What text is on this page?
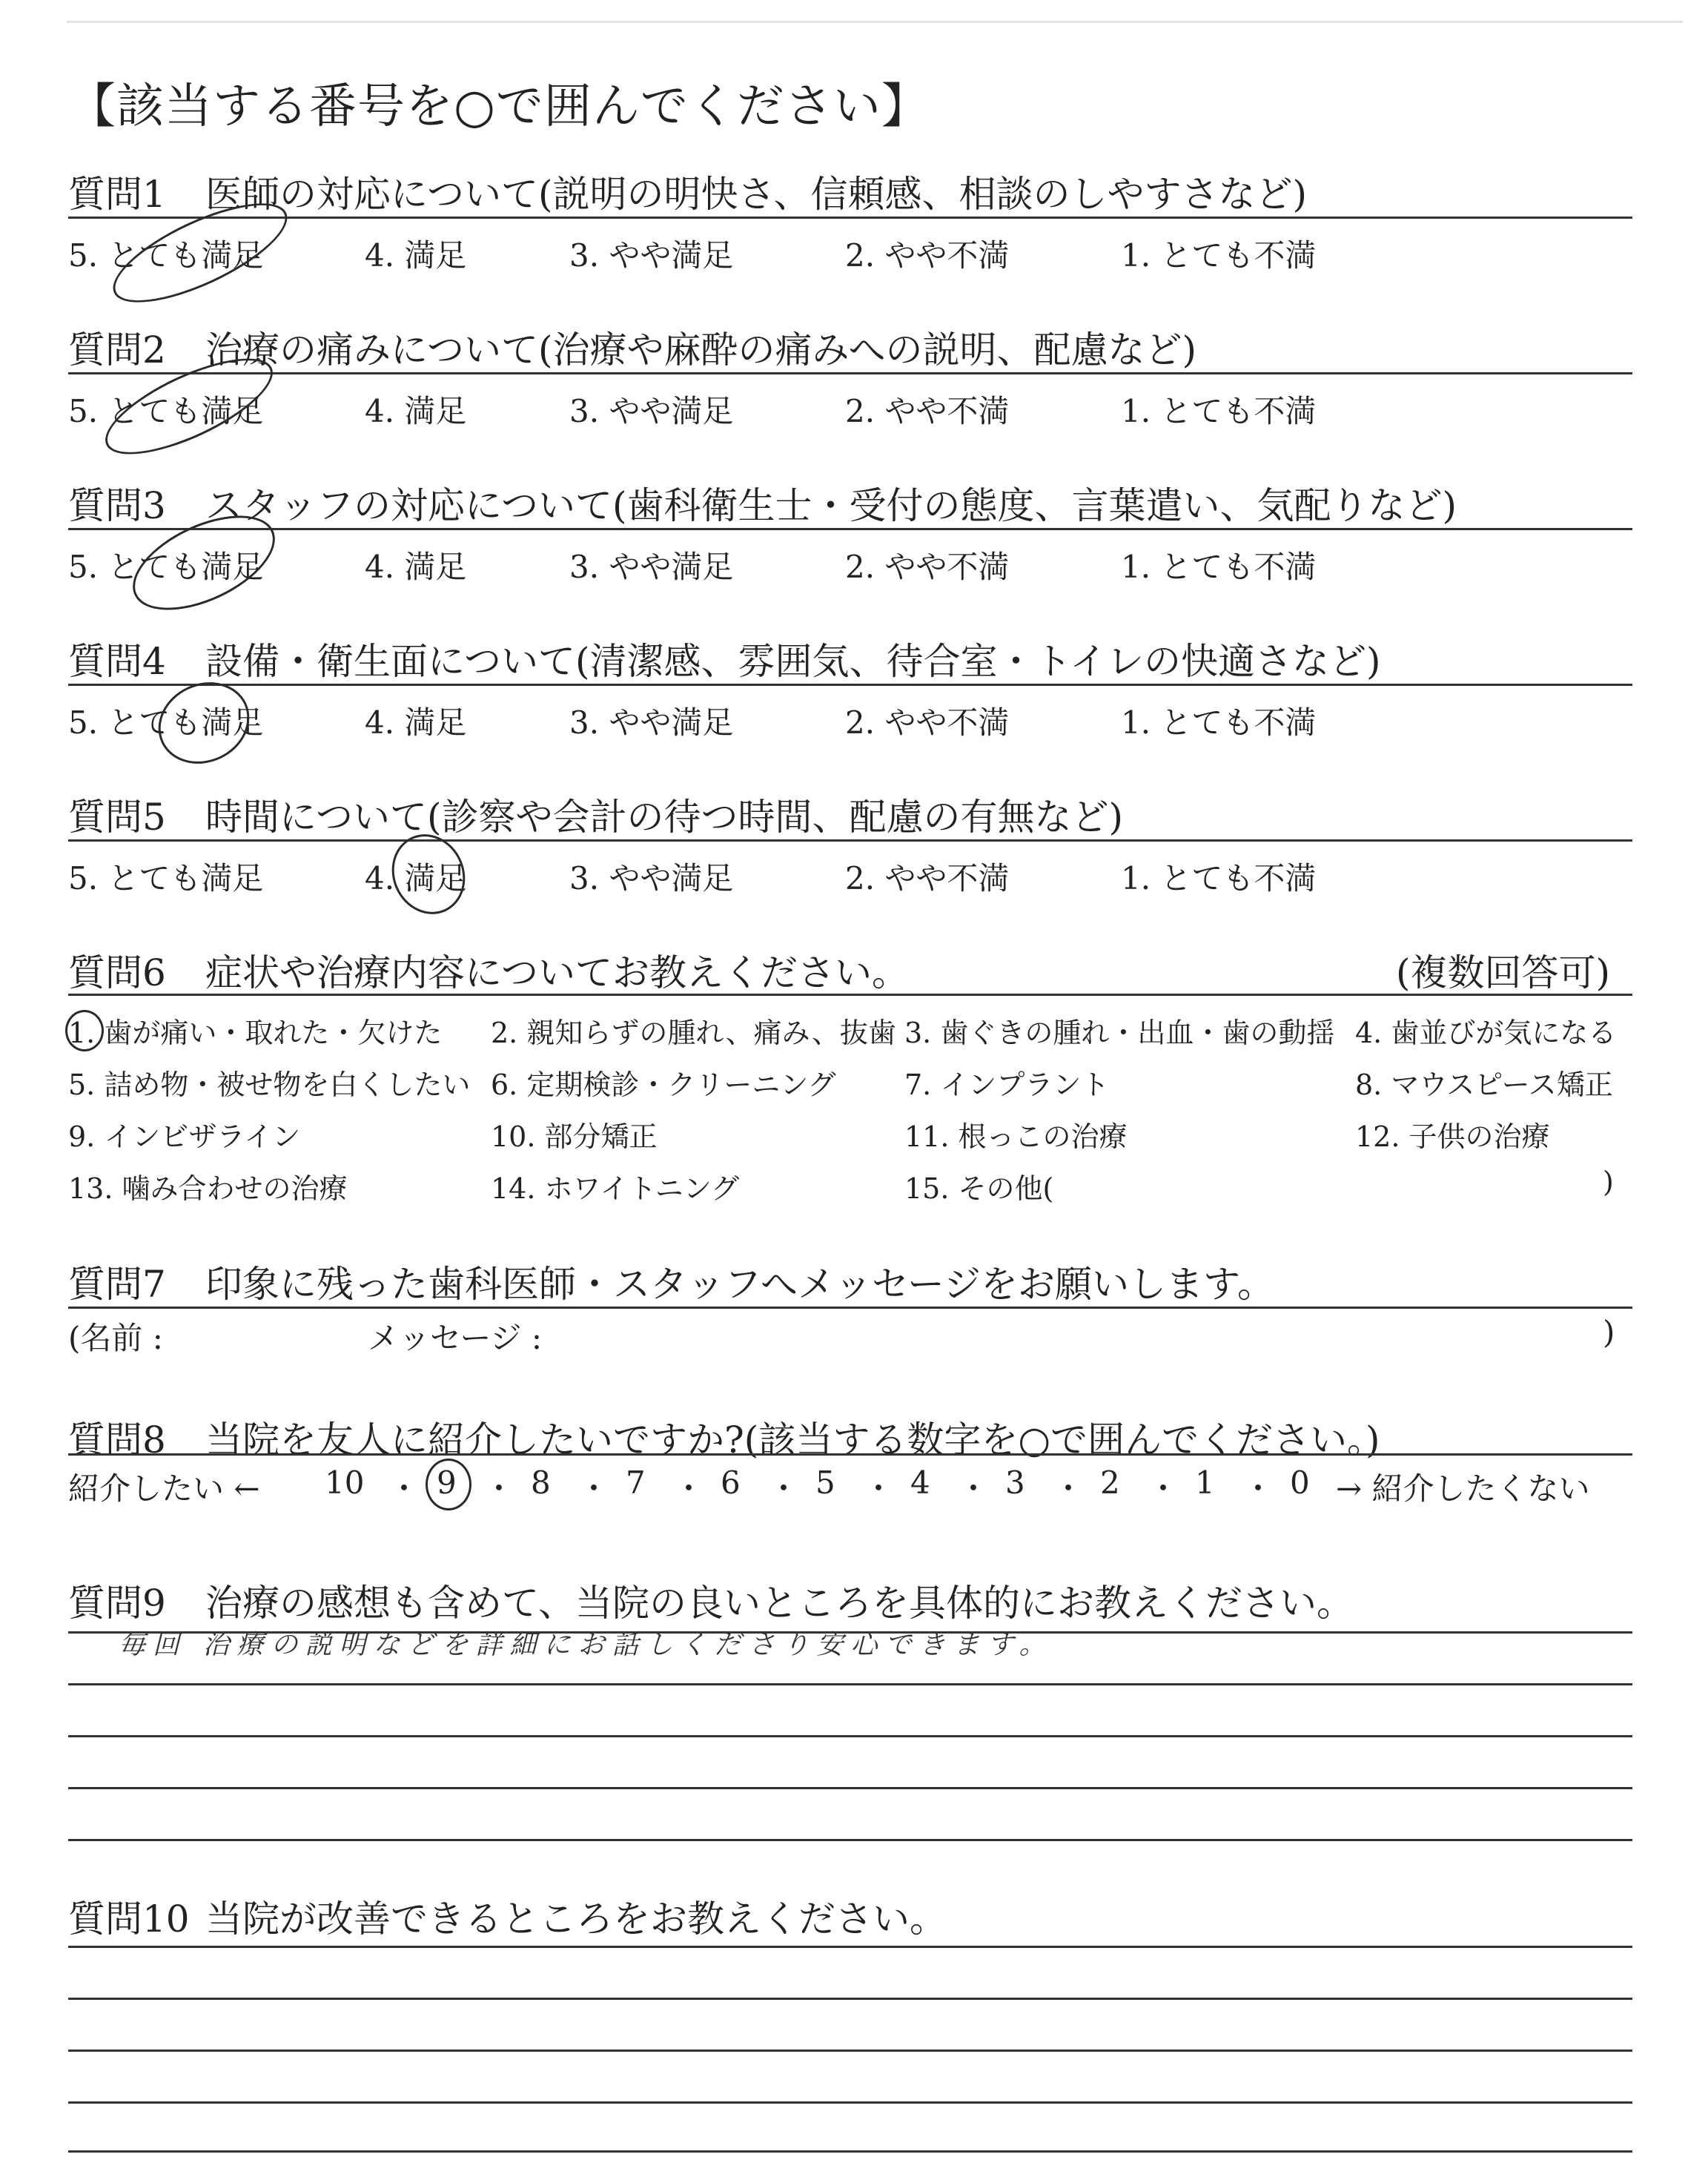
【該当する番号を○で囲んでください】
質問1 医師の対応について(説明の明快さ、信頼感、相談のしやすさなど)
5. とても満足	4. 満足	3. やや満足	2. やや不満	1. とても不満
質問2 治療の痛みについて(治療や麻酔の痛みへの説明、配慮など)
5. とても満足	4. 満足	3. やや満足	2. やや不満	1. とても不満
質問3 スタッフの対応について(歯科衛生士・受付の態度、言葉遣い、気配りなど)
5. とても満足	4. 満足	3. やや満足	2. やや不満	1. とても不満
質問4 設備・衛生面について(清潔感、雰囲気、待合室・トイレの快適さなど)
5. とても満足	4. 満足	3. やや満足	2. やや不満	1. とても不満
質問5 時間について(診察や会計の待つ時間、配慮の有無など)
5. とても満足	4. 満足	3. やや満足	2. やや不満	1. とても不満
質問6 症状や治療内容についてお教えください。	(複数回答可)
1. 歯が痛い・取れた・欠けた 2. 親知らずの腫れ、痛み、抜歯 3. 歯ぐきの腫れ・出血・歯の動揺 4. 歯並びが気になる
5. 詰め物・被せ物を白くしたい 6. 定期検診・クリーニング 7. インプラント	8. マウスピース矯正
9. インビザライン	10. 部分矯正	11. 根っこの治療	12. 子供の治療
13. 噛み合わせの治療	14. ホワイトニング	15. その他(	)
質問7 印象に残った歯科医師・スタッフへメッセージをお願いします。
(名前 :	メッセージ :	)
質問8 当院を友人に紹介したいですか?(該当する数字を○で囲んでください。)
紹介したい ← 10 ・ 9 ・ 8 ・ 7 ・ 6 ・ 5 ・ 4 ・ 3 ・ 2 ・ 1 ・ 0 → 紹介したくない
質問9 治療の感想も含めて、当院の良いところを具体的にお教えください。
毎回 治療の説明などを詳細にお話しくださり安心できます。
質問10 当院が改善できるところをお教えください。
